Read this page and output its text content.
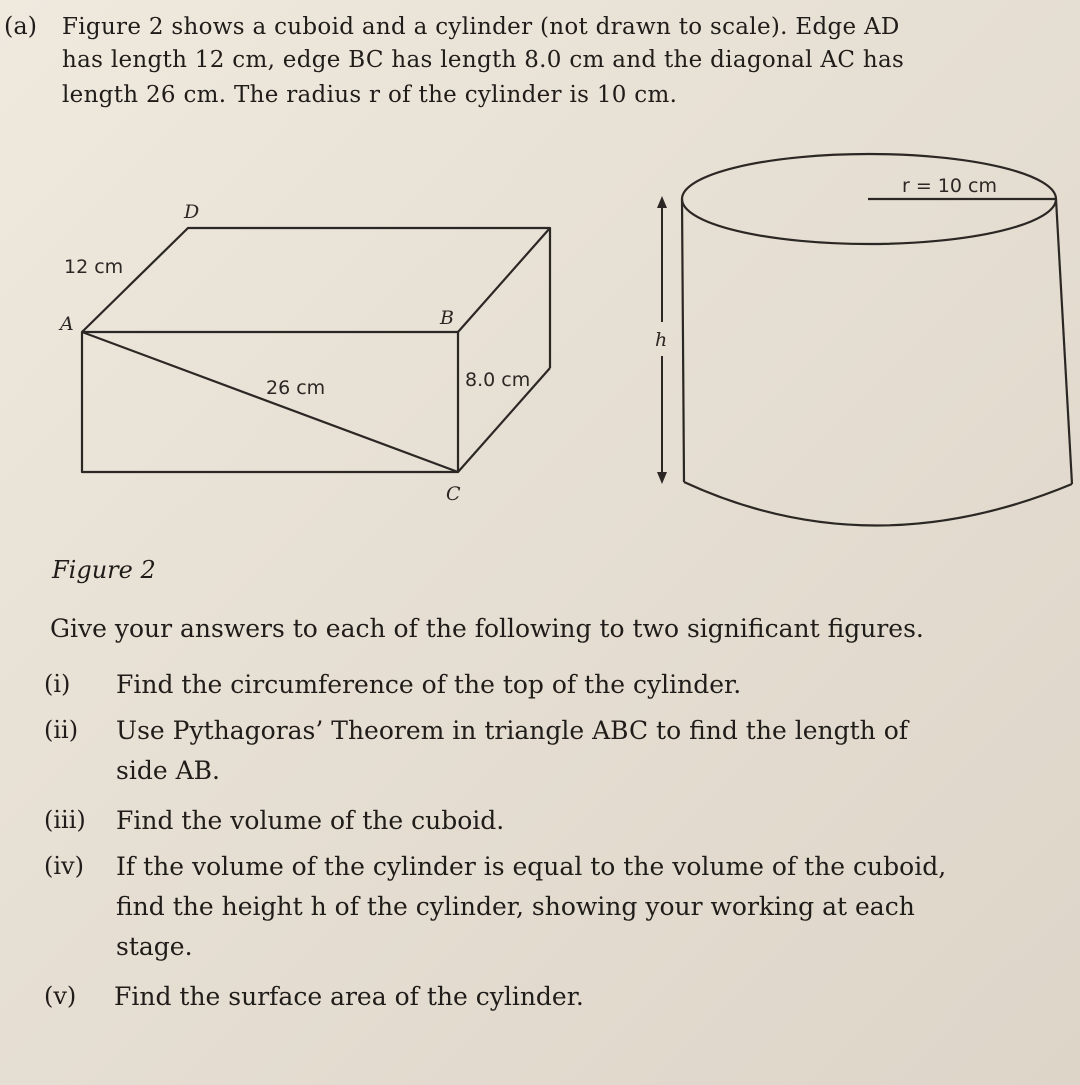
(a) Figure 2 shows a cuboid and a cylinder (not drawn to scale). Edge AD
has length 12 cm, edge BC has length 8.0 cm and the diagonal AC has
length 26 cm. The radius r of the cylinder is 10 cm.
D
12 cm
A	B
26 cm	8.0 cm
C
h
r = 10 cm
Figure 2
Give your answers to each of the following to two significant figures.
(i) Find the circumference of the top of the cylinder.
(ii) Use Pythagoras’ Theorem in triangle ABC to find the length of
side AB.
(iii) Find the volume of the cuboid.
(iv) If the volume of the cylinder is equal to the volume of the cuboid,
find the height h of the cylinder, showing your working at each
stage.
(v) Find the surface area of the cylinder.
